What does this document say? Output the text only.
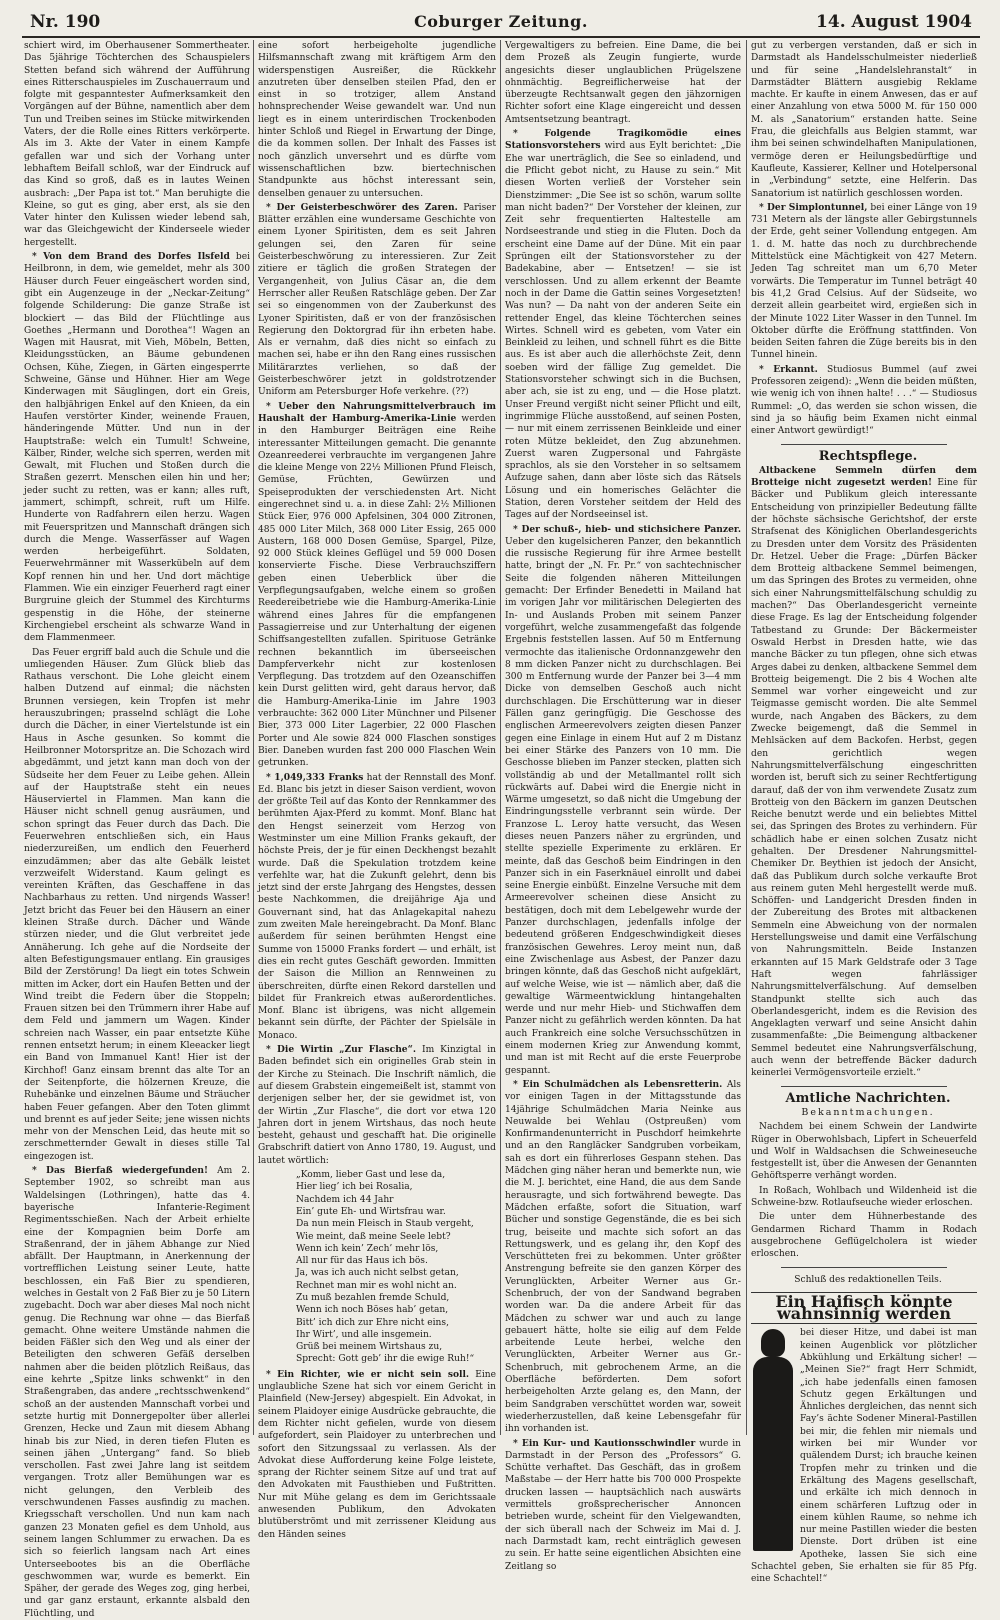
Nr. 190	Coburger Zeitung.	14. August 1904

schiert wird, im Oberhausener Sommertheater. Das 5jährige Töchterchen des Schauspielers Stetten befand sich während der Aufführung eines Ritterschauspieles im Zuschauerraum und folgte mit gespanntester Aufmerksamkeit den Vorgängen auf der Bühne, namentlich aber dem Tun und Treiben seines im Stücke mitwirkenden Vaters, der die Rolle eines Ritters verkörperte. Als im 3. Akte der Vater in einem Kampfe gefallen war und sich der Vorhang unter lebhaftem Beifall schloß, war der Eindruck auf das Kind so groß, daß es in lautes Weinen ausbrach: „Der Papa ist tot.“ Man beruhigte die Kleine, so gut es ging, aber erst, als sie den Vater hinter den Kulissen wieder lebend sah, war das Gleichgewicht der Kinderseele wieder hergestellt.

* Von dem Brand des Dorfes Ilsfeld bei Heilbronn, in dem, wie gemeldet, mehr als 300 Häuser durch Feuer eingeäschert worden sind, gibt ein Augenzeuge in der „Neckar-Zeitung“ folgende Schilderung: Die ganze Straße ist blockiert — das Bild der Flüchtlinge aus Goethes „Hermann und Dorothea“! Wagen an Wagen mit Hausrat, mit Vieh, Möbeln, Betten, Kleidungsstücken, an Bäume gebundenen Ochsen, Kühe, Ziegen, in Gärten eingesperrte Schweine, Gänse und Hühner. Hier am Wege Kinderwagen mit Säuglingen, dort ein Greis, den halbjährigen Enkel auf den Knieen, da ein Haufen verstörter Kinder, weinende Frauen, händeringende Mütter. Und nun in der Hauptstraße: welch ein Tumult! Schweine, Kälber, Rinder, welche sich sperren, werden mit Gewalt, mit Fluchen und Stoßen durch die Straßen gezerrt. Menschen eilen hin und her; jeder sucht zu retten, was er kann; alles ruft, jammert, schimpft, schreit, ruft um Hilfe. Hunderte von Radfahrern eilen herzu. Wagen mit Feuerspritzen und Mannschaft drängen sich durch die Menge. Wasserfässer auf Wagen werden herbeigeführt. Soldaten, Feuerwehrmänner mit Wasserkübeln auf dem Kopf rennen hin und her. Und dort mächtige Flammen. Wie ein einziger Feuerherd ragt einer Burgruine gleich der Stummel des Kirchturms gespenstig in die Höhe, der steinerne Kirchengiebel erscheint als schwarze Wand in dem Flammenmeer.

Das Feuer ergriff bald auch die Schule und die umliegenden Häuser. Zum Glück blieb das Rathaus verschont. Die Lohe gleicht einem halben Dutzend auf einmal; die nächsten Brunnen versiegen, kein Tropfen ist mehr herauszubringen; prasselnd schlägt die Lohe durch die Dächer, in einer Viertelstunde ist ein Haus in Asche gesunken. So kommt die Heilbronner Motorspritze an. Die Schozach wird abgedämmt, und jetzt kann man doch von der Südseite her dem Feuer zu Leibe gehen. Allein auf der Hauptstraße steht ein neues Häuserviertel in Flammen. Man kann die Häuser nicht schnell genug ausräumen, und schon springt das Feuer durch das Dach. Die Feuerwehren entschließen sich, ein Haus niederzureißen, um endlich den Feuerherd einzudämmen; aber das alte Gebälk leistet verzweifelt Widerstand. Kaum gelingt es vereinten Kräften, das Geschaffene in das Nachbarhaus zu retten. Und nirgends Wasser! Jetzt bricht das Feuer bei den Häusern an einer kleinen Straße durch. Dächer und Wände stürzen nieder, und die Glut verbreitet jede Annäherung. Ich gehe auf die Nordseite der alten Befestigungsmauer entlang. Ein grausiges Bild der Zerstörung! Da liegt ein totes Schwein mitten im Acker, dort ein Haufen Betten und der Wind treibt die Federn über die Stoppeln; Frauen sitzen bei den Trümmern ihrer Habe auf dem Feld und jammern um Wagen. Kinder schreien nach Wasser, ein paar entsetzte Kühe rennen entsetzt herum; in einem Kleeacker liegt ein Band von Immanuel Kant! Hier ist der Kirchhof! Ganz einsam brennt das alte Tor an der Seitenpforte, die hölzernen Kreuze, die Ruhebänke und einzelnen Bäume und Sträucher haben Feuer gefangen. Aber den Toten glimmt und brennt es auf jeder Seite; jene wissen nichts mehr von der Menschen Leid, das heute mit so zerschmetternder Gewalt in dieses stille Tal eingezogen ist.

* Das Bierfaß wiedergefunden! Am 2. September 1902, so schreibt man aus Waldelsingen (Lothringen), hatte das 4. bayerische Infanterie-Regiment Regimentsschießen. Nach der Arbeit erhielte eine der Kompagnien beim Dorfe am Straßenrand, der in jähem Abhange zur Nied abfällt. Der Hauptmann, in Anerkennung der vortrefflichen Leistung seiner Leute, hatte beschlossen, ein Faß Bier zu spendieren, welches in Gestalt von 2 Faß Bier zu je 50 Litern zugebacht. Doch war aber dieses Mal noch nicht genug. Die Rechnung war ohne — das Bierfaß gemacht. Ohne weitere Umstände nahmen die beiden Fäßler sich den Weg und als einer der Beteiligten den schweren Gefäß derselben nahmen aber die beiden plötzlich Reißaus, das eine kehrte „Spitze links schwenkt“ in den Straßengraben, das andere „rechtsschwenkend“ schoß an der austenden Mannschaft vorbei und setzte hurtig mit Donnergepolter über allerlei Grenzen, Hecke und Zaun mit diesem Abhang hinab bis zur Nied, in deren tiefen Fluten es seinen jähen „Untergang“ fand. So blieb verschollen. Fast zwei Jahre lang ist seitdem vergangen. Trotz aller Bemühungen war es nicht gelungen, den Verbleib des verschwundenen Fasses ausfindig zu machen. Kriegsschaft verschollen. Und nun kam nach ganzen 23 Monaten gefiel es dem Unhold, aus seinem langen Schlummer zu erwachen. Da es sich so feierlich langsam nach Art eines Unterseebootes bis an die Oberfläche geschwommen war, wurde es bemerkt. Ein Späher, der gerade des Weges zog, ging herbei, und gar ganz erstaunt, erkannte alsbald den Flüchtling, und

eine sofort herbeigeholte jugendliche Hilfsmannschaft zwang mit kräftigem Arm den widerspenstigen Ausreißer, die Rückkehr anzutreten über denselben steilen Pfad, den er einst in so trotziger, allem Anstand hohnsprechender Weise gewandelt war. Und nun liegt es in einem unterirdischen Trockenboden hinter Schloß und Riegel in Erwartung der Dinge, die da kommen sollen. Der Inhalt des Fasses ist noch gänzlich unversehrt und es dürfte vom wissenschaftlichen bzw. biertechnischen Standpunkte aus höchst interessant sein, denselben genauer zu untersuchen.

* Der Geisterbeschwörer des Zaren. Pariser Blätter erzählen eine wundersame Geschichte von einem Lyoner Spiritisten, dem es seit Jahren gelungen sei, den Zaren für seine Geisterbeschwörung zu interessieren. Zur Zeit zitiere er täglich die großen Strategen der Vergangenheit, von Julius Cäsar an, die dem Herrscher aller Reußen Ratschläge geben. Der Zar sei so eingenommen von der Zauberkunst des Lyoner Spiritisten, daß er von der französischen Regierung den Doktorgrad für ihn erbeten habe. Als er vernahm, daß dies nicht so einfach zu machen sei, habe er ihn den Rang eines russischen Militärarztes verliehen, so daß der Geisterbeschwörer jetzt in goldstrotzender Uniform am Petersburger Hofe verkehre. (??)

* Ueber den Nahrungsmittelverbrauch im Haushalt der Hamburg-Amerika-Linie werden in den Hamburger Beiträgen eine Reihe interessanter Mitteilungen gemacht. Die genannte Ozeanreederei verbrauchte im vergangenen Jahre die kleine Menge von 22½ Millionen Pfund Fleisch, Gemüse, Früchten, Gewürzen und Speiseprodukten der verschiedensten Art. Nicht eingerechnet sind u. a. in diese Zahl: 2½ Millionen Stück Eier, 976 000 Apfelsinen, 304 000 Zitronen, 485 000 Liter Milch, 368 000 Liter Essig, 265 000 Austern, 168 000 Dosen Gemüse, Spargel, Pilze, 92 000 Stück kleines Geflügel und 59 000 Dosen konservierte Fische. Diese Verbrauchsziffern geben einen Ueberblick über die Verpflegungsaufgaben, welche einem so großen Reedereibetriebe wie die Hamburg-Amerika-Linie während eines Jahres für die empfangenen Passagierreise und zur Unterhaltung der eigenen Schiffsangestellten zufallen. Spirituose Getränke rechnen bekanntlich im überseeischen Dampferverkehr nicht zur kostenlosen Verpflegung. Das trotzdem auf den Ozeanschiffen kein Durst gelitten wird, geht daraus hervor, daß die Hamburg-Amerika-Linie im Jahre 1903 verbrauchte: 362 000 Liter Münchner und Pilsener Bier, 373 000 Liter Lagerbier, 22 000 Flaschen Porter und Ale sowie 824 000 Flaschen sonstiges Bier. Daneben wurden fast 200 000 Flaschen Wein getrunken.

* 1,049,333 Franks hat der Rennstall des Monf. Ed. Blanc bis jetzt in dieser Saison verdient, wovon der größte Teil auf das Konto der Rennkammer des berühmten Ajax-Pferd zu kommt. Monf. Blanc hat den Hengst seinerzeit vom Herzog von Westminster um eine Million Franks gekauft, der höchste Preis, der je für einen Deckhengst bezahlt wurde. Daß die Spekulation trotzdem keine verfehlte war, hat die Zukunft gelehrt, denn bis jetzt sind der erste Jahrgang des Hengstes, dessen beste Nachkommen, die dreijährige Aja und Gouvernant sind, hat das Anlagekapital nahezu zum zweiten Male hereingebracht. Da Monf. Blanc außerdem für seinen berühmten Hengst eine Summe von 15000 Franks fordert — und erhält, ist dies ein recht gutes Geschäft geworden. Immitten der Saison die Million an Rennweinen zu überschreiten, dürfte einen Rekord darstellen und bildet für Frankreich etwas außerordentliches. Monf. Blanc ist übrigens, was nicht allgemein bekannt sein dürfte, der Pächter der Spielsäle in Monaco.

* Die Wirtin „Zur Flasche“. Im Kinzigtal in Baden befindet sich ein originelles Grab stein in der Kirche zu Steinach. Die Inschrift nämlich, die auf diesem Grabstein eingemeißelt ist, stammt von derjenigen selber her, der sie gewidmet ist, von der Wirtin „Zur Flasche“, die dort vor etwa 120 Jahren dort in jenem Wirtshaus, das noch heute besteht, gehaust und geschafft hat. Die originelle Grabschrift datiert von Anno 1780, 19. August, und lautet wörtlich:

„Komm, lieber Gast und lese da,
Hier lieg’ ich bei Rosalia,
Nachdem ich 44 Jahr
Ein’ gute Eh- und Wirtsfrau war.
Da nun mein Fleisch in Staub vergeht,
Wie meint, daß meine Seele lebt?
Wenn ich kein’ Zech’ mehr lös,
All nur für das Haus ich bös.
Ja, was ich auch nicht selbst getan,
Rechnet man mir es wohl nicht an.
Zu muß bezahlen fremde Schuld,
Wenn ich noch Böses hab’ getan,
Bitt’ ich dich zur Ehre nicht eins,
Ihr Wirt’, und alle insgemein.
Grüß bei meinem Wirtshaus zu,
Sprecht: Gott geb’ ihr die ewige Ruh!“

* Ein Richter, wie er nicht sein soll. Eine unglaubliche Szene hat sich vor einem Gericht in Plainfield (New-Jersey) abgespielt. Ein Advokat, in seinem Plaidoyer einige Ausdrücke gebrauchte, die dem Richter nicht gefielen, wurde von diesem aufgefordert, sein Plaidoyer zu unterbrechen und sofort den Sitzungssaal zu verlassen. Als der Advokat diese Aufforderung keine Folge leistete, sprang der Richter seinem Sitze auf und trat auf den Advokaten mit Fausthieben und Fußtritten. Nur mit Mühe gelang es dem im Gerichtssaale anwesenden Publikum, den Advokaten blutüberströmt und mit zerrissener Kleidung aus den Händen seines

Vergewaltigers zu befreien. Eine Dame, die bei dem Prozeß als Zeugin fungierte, wurde angesichts dieser unglaublichen Prügelszene ohnmächtig. Begreiflicherweise hat der überzeugte Rechtsanwalt gegen den jähzornigen Richter sofort eine Klage eingereicht und dessen Amtsentsetzung beantragt.

* Folgende Tragikomödie eines Stationsvorstehers wird aus Eylt berichtet: „Die Ehe war unerträglich, die See so einladend, und die Pflicht gebot nicht, zu Hause zu sein.“ Mit diesen Worten verließ der Vorsteher sein Dienstzimmer: „Die See ist so schön, warum sollte man nicht baden?“ Der Vorsteher der kleinen, zur Zeit sehr frequentierten Haltestelle am Nordseestrande und stieg in die Fluten. Doch da erscheint eine Dame auf der Düne. Mit ein paar Sprüngen eilt der Stationsvorsteher zu der Badekabine, aber — Entsetzen! — sie ist verschlossen. Und zu allem erkennt der Beamte noch in der Dame die Gattin seines Vorgesetzten! Was nun? — Da naht von der anderen Seite ein rettender Engel, das kleine Töchterchen seines Wirtes. Schnell wird es gebeten, vom Vater ein Beinkleid zu leihen, und schnell führt es die Bitte aus. Es ist aber auch die allerhöchste Zeit, denn soeben wird der fällige Zug gemeldet. Die Stationsvorsteher schwingt sich in die Buchsen, aber ach, sie ist zu eng, und — die Hose platzt. Unser Freund vergißt nicht seiner Pflicht und eilt, ingrimmige Flüche ausstoßend, auf seinen Posten, — nur mit einem zerrissenen Beinkleide und einer roten Mütze bekleidet, den Zug abzunehmen. Zuerst waren Zugpersonal und Fahrgäste sprachlos, als sie den Vorsteher in so seltsamem Aufzuge sahen, dann aber löste sich das Rätsels Lösung und ein homerisches Gelächter die Station, deren Vorsteher seitdem der Held des Tages auf der Nordseeinsel ist.

* Der schuß-, hieb- und stichsichere Panzer. Ueber den kugelsicheren Panzer, den bekanntlich die russische Regierung für ihre Armee bestellt hatte, bringt der „N. Fr. Pr.“ von sachtechnischer Seite die folgenden näheren Mitteilungen gemacht: Der Erfinder Benedetti in Mailand hat im vorigen Jahr vor militärischen Delegierten des In- und Auslands Proben mit seinem Panzer vorgeführt, welche zusammengefaßt das folgende Ergebnis feststellen lassen. Auf 50 m Entfernung vermochte das italienische Ordonnanzgewehr den 8 mm dicken Panzer nicht zu durchschlagen. Bei 300 m Entfernung wurde der Panzer bei 3—4 mm Dicke von demselben Geschoß auch nicht durchschlagen. Die Erschütterung war in dieser Fällen ganz geringfügig. Die Geschosse des englischen Armeerevolvers zeigten diesen Panzer gegen eine Einlage in einem Hut auf 2 m Distanz bei einer Stärke des Panzers von 10 mm. Die Geschosse blieben im Panzer stecken, platten sich vollständig ab und der Metallmantel rollt sich rückwärts auf. Dabei wird die Energie nicht in Wärme umgesetzt, so daß nicht die Umgebung der Eindringungsstelle verbrannt sein würde. Der Franzose L. Leroy hatte versucht, das Wesen dieses neuen Panzers näher zu ergründen, und stellte spezielle Experimente zu erklären. Er meinte, daß das Geschoß beim Eindringen in den Panzer sich in ein Faserknäuel einrollt und dabei seine Energie einbüßt. Einzelne Versuche mit dem Armeerevolver scheinen diese Ansicht zu bestätigen, doch mit dem Lebelgewehr wurde der Panzer durchschlagen, jedenfalls infolge der bedeutend größeren Endgeschwindigkeit dieses französischen Gewehres. Leroy meint nun, daß eine Zwischenlage aus Asbest, der Panzer dazu bringen könnte, daß das Geschoß nicht aufgeklärt, auf welche Weise, wie ist — nämlich aber, daß die gewaltige Wärmeentwicklung hintangehalten werde und nur mehr Hieb- und Stichwaffen dem Panzer nicht zu gefährlich werden könnten. Da hat auch Frankreich eine solche Versuchsschützen in einem modernen Krieg zur Anwendung kommt, und man ist mit Recht auf die erste Feuerprobe gespannt.

* Ein Schulmädchen als Lebensretterin. Als vor einigen Tagen in der Mittagsstunde das 14jährige Schulmädchen Maria Neinke aus Neuwalde bei Wehlau (Ostpreußen) vom Konfirmandenunterricht in Puschdorf heimkehrte und an den Rangläcker Sandgruben vorbeikam, sah es dort ein führerloses Gespann stehen. Das Mädchen ging näher heran und bemerkte nun, wie die M. J. berichtet, eine Hand, die aus dem Sande herausragte, und sich fortwährend bewegte. Das Mädchen erfaßte, sofort die Situation, warf Bücher und sonstige Gegenstände, die es bei sich trug, beiseite und machte sich sofort an das Rettungswerk, und es gelang ihr, den Kopf des Verschütteten frei zu bekommen. Unter größter Anstrengung befreite sie den ganzen Körper des Verunglückten, Arbeiter Werner aus Gr.-Schenbruch, der von der Sandwand begraben worden war. Da die andere Arbeit für das Mädchen zu schwer war und auch zu lange gebauert hätte, holte sie eilig auf dem Felde arbeitende Leute herbei, welche den Verunglückten, Arbeiter Werner aus Gr.-Schenbruch, mit gebrochenem Arme, an die Oberfläche beförderten. Dem sofort herbeigeholten Arzte gelang es, den Mann, der beim Sandgraben verschüttet worden war, soweit wiederherzustellen, daß keine Lebensgefahr für ihn vorhanden ist.

* Ein Kur- und Kautionsschwindler wurde in Darmstadt in der Person des „Professors“ G. Schütte verhaftet. Das Geschäft, das in großem Maßstabe — der Herr hatte bis 700 000 Prospekte drucken lassen — hauptsächlich nach auswärts vermittels großsprecherischer Annoncen betrieben wurde, scheint für den Vielgewandten, der sich überall nach der Schweiz im Mai d. J. nach Darmstadt kam, recht einträglich gewesen zu sein. Er hatte seine eigentlichen Absichten eine Zeitlang so

gut zu verbergen verstanden, daß er sich in Darmstadt als Handelsschulmeister niederließ und für seine „Handelslehranstalt“ in Darmstädter Blättern ausgiebig Reklame machte. Er kaufte in einem Anwesen, das er auf einer Anzahlung von etwa 5000 M. für 150 000 M. als „Sanatorium“ erstanden hatte. Seine Frau, die gleichfalls aus Belgien stammt, war ihm bei seinen schwindelhaften Manipulationen, vermöge deren er Heilungsbedürftige und Kaufleute, Kassierer, Kellner und Hotelpersonal in „Verbindung“ setzte, eine Helferin. Das Sanatorium ist natürlich geschlossen worden.

* Der Simplontunnel, bei einer Länge von 19 731 Metern als der längste aller Gebirgstunnels der Erde, geht seiner Vollendung entgegen. Am 1. d. M. hatte das noch zu durchbrechende Mittelstück eine Mächtigkeit von 427 Metern. Jeden Tag schreitet man um 6,70 Meter vorwärts. Die Temperatur im Tunnel beträgt 40 bis 41,2 Grad Celsius. Auf der Südseite, wo derzeit allein gearbeitet wird, ergießen sich in der Minute 1022 Liter Wasser in den Tunnel. Im Oktober dürfte die Eröffnung stattfinden. Von beiden Seiten fahren die Züge bereits bis in den Tunnel hinein.

* Erkannt. Studiosus Bummel (auf zwei Professoren zeigend): „Wenn die beiden müßten, wie wenig ich von ihnen halte! . . .“ — Studiosus Rummel: „O, das werden sie schon wissen, die sind ja so häufig beim Examen nicht einmal einer Antwort gewürdigt!“

Rechtspflege.

Altbackene Semmeln dürfen dem Brotteige nicht zugesetzt werden! Eine für Bäcker und Publikum gleich interessante Entscheidung von prinzipieller Bedeutung fällte der höchste sächsische Gerichtshof, der erste Strafsenat des Königlichen Oberlandesgerichts zu Dresden unter dem Vorsitz des Präsidenten Dr. Hetzel. Ueber die Frage: „Dürfen Bäcker dem Brotteig altbackene Semmel beimengen, um das Springen des Brotes zu vermeiden, ohne sich einer Nahrungsmittelfälschung schuldig zu machen?“ Das Oberlandesgericht verneinte diese Frage. Es lag der Entscheidung folgender Tatbestand zu Grunde: Der Bäckermeister Oswald Herbst in Dresden hatte, wie das manche Bäcker zu tun pflegen, ohne sich etwas Arges dabei zu denken, altbackene Semmel dem Brotteig beigemengt. Die 2 bis 4 Wochen alte Semmel war vorher eingeweicht und zur Teigmasse gemischt worden. Die alte Semmel wurde, nach Angaben des Bäckers, zu dem Zwecke beigemengt, daß die Semmel in Mehlsäcken auf dem Backofen. Herbst, gegen den gerichtlich wegen Nahrungsmittelverfälschung eingeschritten worden ist, beruft sich zu seiner Rechtfertigung darauf, daß der von ihm verwendete Zusatz zum Brotteig von den Bäckern im ganzen Deutschen Reiche benutzt werde und ein beliebtes Mittel sei, das Springen des Brotes zu verhindern. Für schädlich habe er einen solchen Zusatz nicht gehalten. Der Dresdener Nahrungsmittel-Chemiker Dr. Beythien ist jedoch der Ansicht, daß das Publikum durch solche verkaufte Brot aus reinem guten Mehl hergestellt werde muß. Schöffen- und Landgericht Dresden finden in der Zubereitung des Brotes mit altbackenen Semmeln eine Abweichung von der normalen Herstellungsweise und damit eine Verfälschung von Nahrungsmitteln. Beide Instanzen erkannten auf 15 Mark Geldstrafe oder 3 Tage Haft wegen fahrlässiger Nahrungsmittelverfälschung. Auf demselben Standpunkt stellte sich auch das Oberlandesgericht, indem es die Revision des Angeklagten verwarf und seine Ansicht dahin zusammenfaßte: „Die Beimengung altbackener Semmel bedeutet eine Nahrungsverfälschung, auch wenn der betreffende Bäcker dadurch keinerlei Vermögensvorteile erzielt.“

Amtliche Nachrichten.

Bekanntmachungen.

Nachdem bei einem Schwein der Landwirte Rüger in Oberwohlsbach, Lipfert in Scheuerfeld und Wolf in Waldsachsen die Schweineseuche festgestellt ist, über die Anwesen der Genannten Gehöftsperre verhängt worden.

In Roßach, Wohlbach und Wildenheid ist die Schweine-bzw. Rotlaufseuche wieder erloschen.

Die unter dem Hühnerbestande des Gendarmen Richard Thamm in Rodach ausgebrochene Geflügelcholera ist wieder erloschen.

Schluß des redaktionellen Teils.

Ein Haifisch könnte wahnsinnig werden

bei dieser Hitze, und dabei ist man keinen Augenblick vor plötzlicher Abkühlung und Erkältung sicher! — „Meinen Sie?“ fragt Herr Schmidt, „ich habe jedenfalls einen famosen Schutz gegen Erkältungen und Ähnliches dergleichen, das nennt sich Fay’s ächte Sodener Mineral-Pastillen bei mir, die fehlen mir niemals und wirken bei mir Wunder vor quälendem Durst; ich brauche keinen Tropfen mehr zu trinken und die Erkältung des Magens gesellschaft, und erkälte ich mich dennoch in einem schärferen Luftzug oder in einem kühlen Raume, so nehme ich nur meine Pastillen wieder die besten Dienste. Dort drüben ist eine Apotheke, lassen Sie sich eine Schachtel geben, Sie erhalten sie für 85 Pfg. eine Schachtel!“
